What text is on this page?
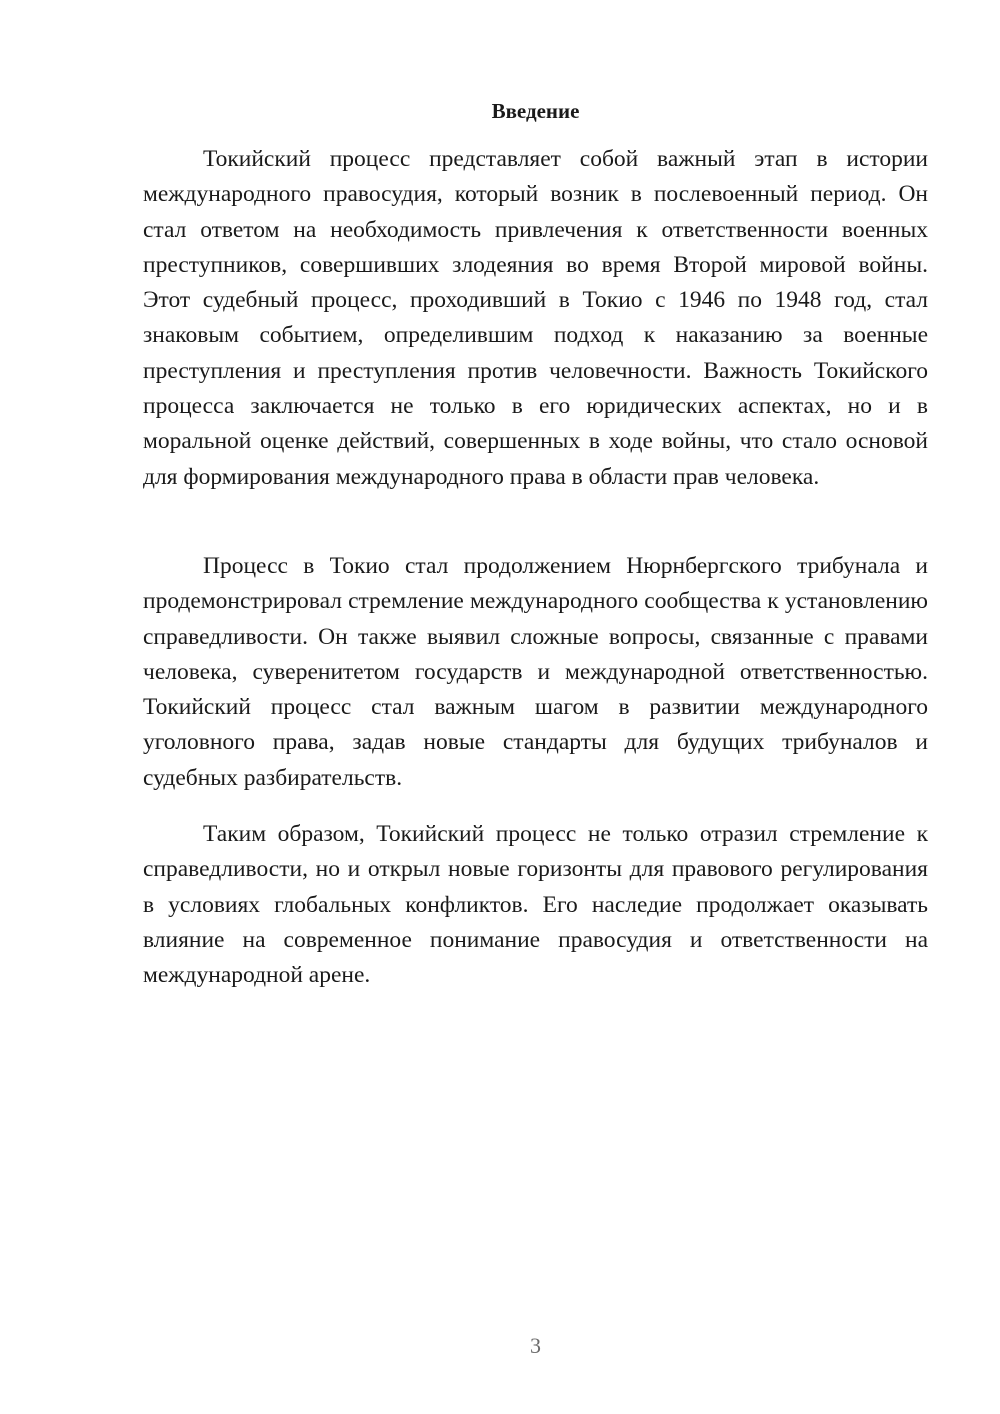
Введение

Токийский процесс представляет собой важный этап в истории международного правосудия, который возник в послевоенный период. Он стал ответом на необходимость привлечения к ответственности военных преступников, совершивших злодеяния во время Второй мировой войны. Этот судебный процесс, проходивший в Токио с 1946 по 1948 год, стал знаковым событием, определившим подход к наказанию за военные преступления и преступления против человечности. Важность Токийского процесса заключается не только в его юридических аспектах, но и в моральной оценке действий, совершенных в ходе войны, что стало основой для формирования международного права в области прав человека.

Процесс в Токио стал продолжением Нюрнбергского трибунала и продемонстрировал стремление международного сообщества к установлению справедливости. Он также выявил сложные вопросы, связанные с правами человека, суверенитетом государств и международной ответственностью. Токийский процесс стал важным шагом в развитии международного уголовного права, задав новые стандарты для будущих трибуналов и судебных разбирательств.

Таким образом, Токийский процесс не только отразил стремление к справедливости, но и открыл новые горизонты для правового регулирования в условиях глобальных конфликтов. Его наследие продолжает оказывать влияние на современное понимание правосудия и ответственности на международной арене.

3
